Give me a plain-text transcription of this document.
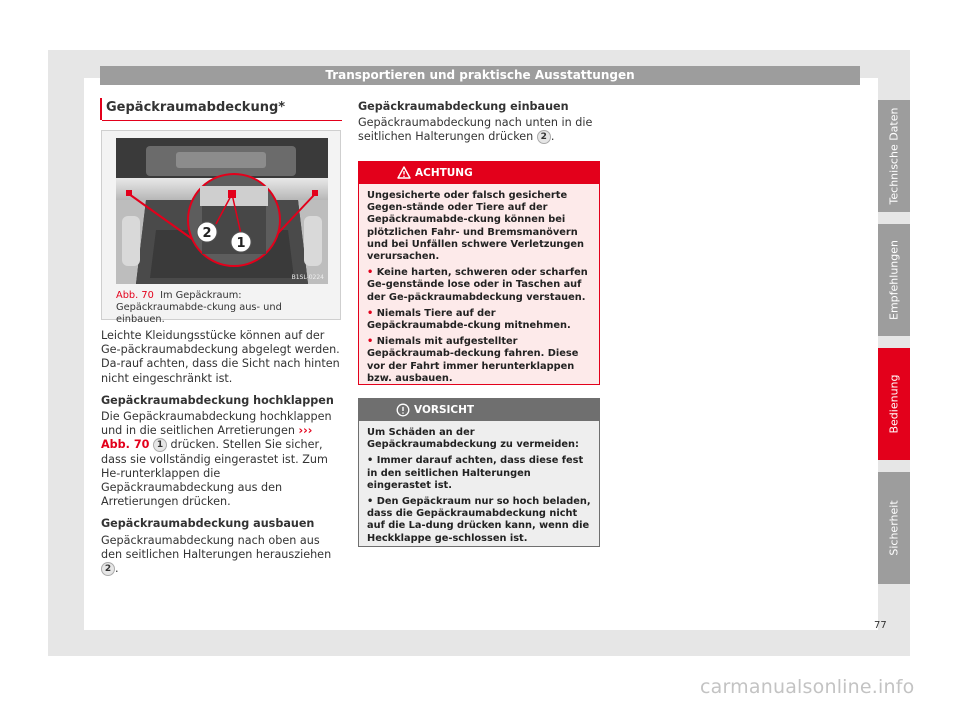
Transportieren und praktische Ausstattungen
Gepäckraumabdeckung*
2
1
B1SL-0224
Abb. 70 Im Gepäckraum: Gepäckraumabde-ckung aus- und einbauen.

Leichte Kleidungsstücke können auf der Ge-päckraumabdeckung abgelegt werden. Da-rauf achten, dass die Sicht nach hinten nicht eingeschränkt ist.

Gepäckraumabdeckung hochklappen

Die Gepäckraumabdeckung hochklappen und in die seitlichen Arretierungen ››› Abb. 70 1 drücken. Stellen Sie sicher, dass sie vollständig eingerastet ist. Zum He-runterklappen die Gepäckraumabdeckung aus den Arretierungen drücken.

Gepäckraumabdeckung ausbauen

Gepäckraumabdeckung nach oben aus den seitlichen Halterungen herausziehen 2 .

Gepäckraumabdeckung einbauen

Gepäckraumabdeckung nach unten in die seitlichen Halterungen drücken 2 .

ACHTUNG

Ungesicherte oder falsch gesicherte Gegen-stände oder Tiere auf der Gepäckraumabde-ckung können bei plötzlichen Fahr- und Bremsmanövern und bei Unfällen schwere Verletzungen verursachen.

• Keine harten, schweren oder scharfen Ge-genstände lose oder in Taschen auf der Ge-päckraumabdeckung verstauen.

• Niemals Tiere auf der Gepäckraumabde-ckung mitnehmen.

• Niemals mit aufgestellter Gepäckraumab-deckung fahren. Diese vor der Fahrt immer herunterklappen bzw. ausbauen.

VORSICHT

Um Schäden an der Gepäckraumabdeckung zu vermeiden:

• Immer darauf achten, dass diese fest in den seitlichen Halterungen eingerastet ist.

• Den Gepäckraum nur so hoch beladen, dass die Gepäckraumabdeckung nicht auf die La-dung drücken kann, wenn die Heckklappe ge-schlossen ist.

Technische Daten
Empfehlungen
Bedienung
Sicherheit
77
carmanualsonline.info
